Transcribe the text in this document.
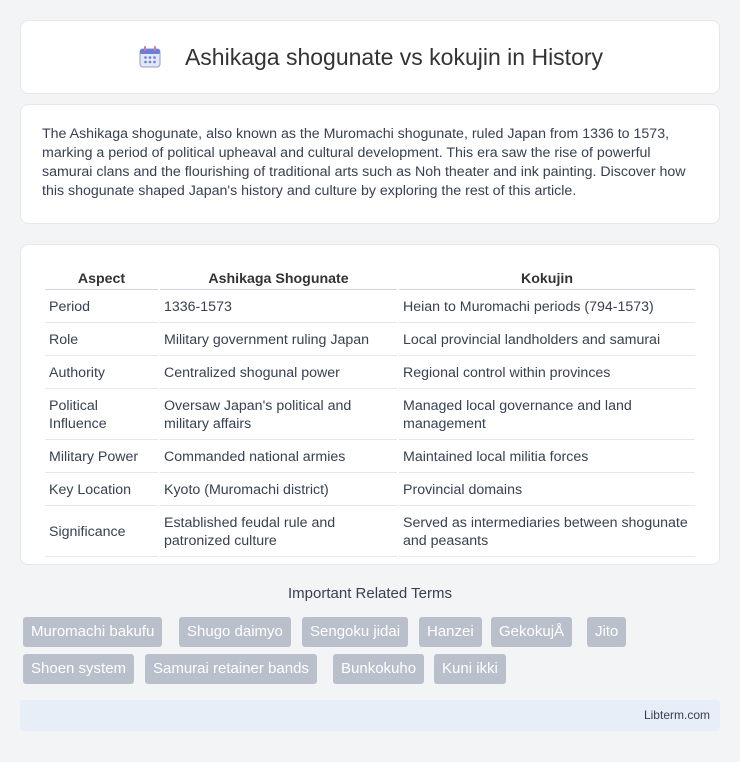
Ashikaga shogunate vs kokujin in History

The Ashikaga shogunate, also known as the Muromachi shogunate, ruled Japan from 1336 to 1573, marking a period of political upheaval and cultural development. This era saw the rise of powerful samurai clans and the flourishing of traditional arts such as Noh theater and ink painting. Discover how this shogunate shaped Japan's history and culture by exploring the rest of this article.

Aspect	Ashikaga Shogunate	Kokujin
Period	1336-1573	Heian to Muromachi periods (794-1573)
Role	Military government ruling Japan	Local provincial landholders and samurai
Authority	Centralized shogunal power	Regional control within provinces
Political Influence	Oversaw Japan's political and military affairs	Managed local governance and land management
Military Power	Commanded national armies	Maintained local militia forces
Key Location	Kyoto (Muromachi district)	Provincial domains
Significance	Established feudal rule and patronized culture	Served as intermediaries between shogunate and peasants
Important Related Terms
Muromachi bakufu	Shugo daimyo	Sengoku jidai	Hanzei	GekokujÅ	Jito
Shoen system	Samurai retainer bands	Bunkokuho	Kuni ikki
Libterm.com
